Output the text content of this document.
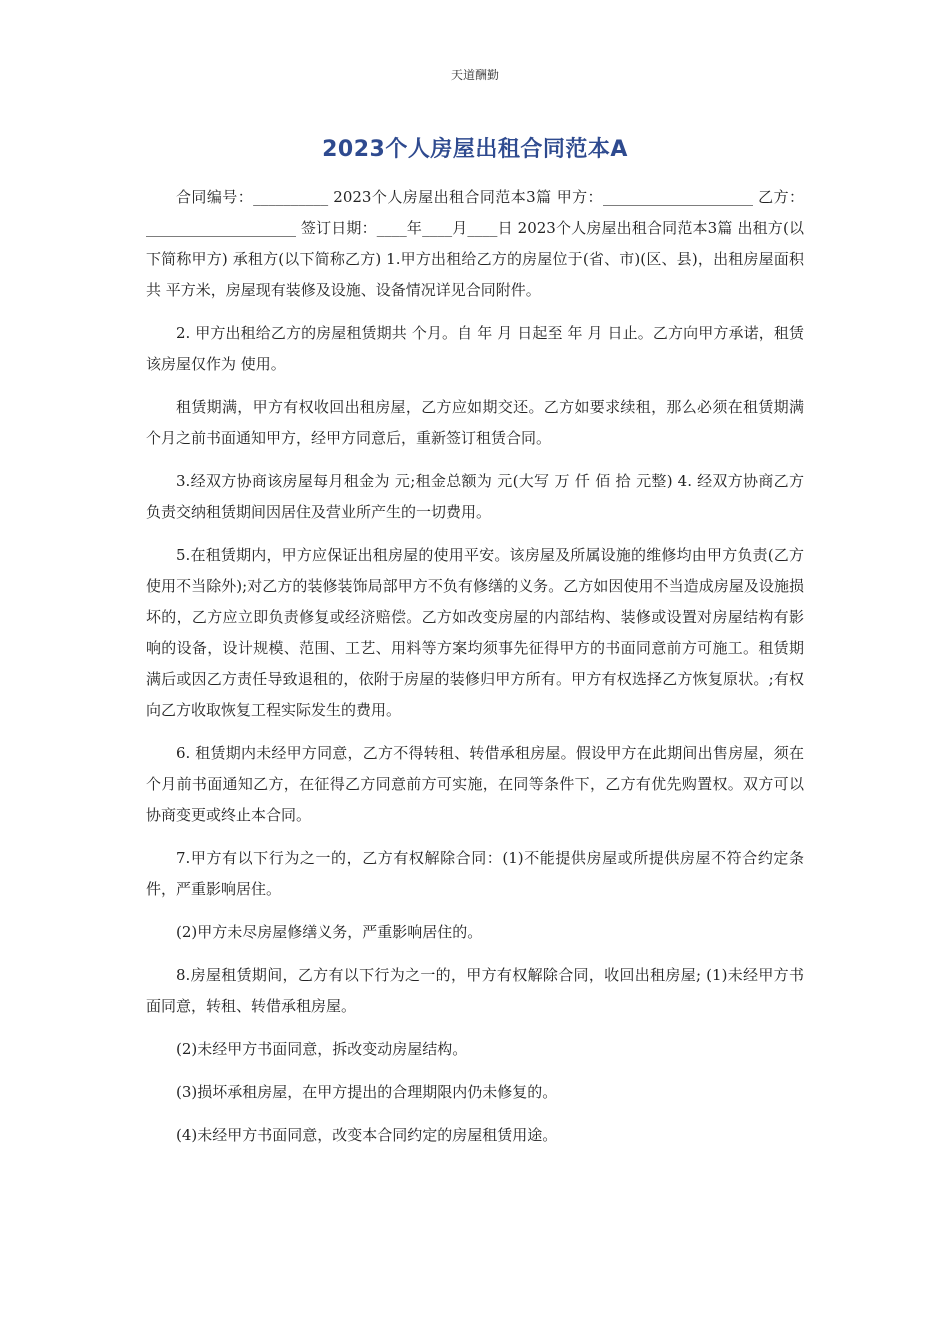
天道酬勤
2023个人房屋出租合同范本A

合同编号：__________ 2023个人房屋出租合同范本3篇 甲方：____________________ 乙方：____________________ 签订日期：____年____月____日 2023个人房屋出租合同范本3篇 出租方(以下简称甲方) 承租方(以下简称乙方) 1.甲方出租给乙方的房屋位于(省、市)(区、县)，出租房屋面积共 平方米，房屋现有装修及设施、设备情况详见合同附件。

2. 甲方出租给乙方的房屋租赁期共 个月。自 年 月 日起至 年 月 日止。乙方向甲方承诺，租赁该房屋仅作为 使用。

租赁期满，甲方有权收回出租房屋，乙方应如期交还。乙方如要求续租，那么必须在租赁期满个月之前书面通知甲方，经甲方同意后，重新签订租赁合同。

3.经双方协商该房屋每月租金为 元;租金总额为 元(大写 万 仟 佰 拾 元整) 4. 经双方协商乙方负责交纳租赁期间因居住及营业所产生的一切费用。

5.在租赁期内，甲方应保证出租房屋的使用平安。该房屋及所属设施的维修均由甲方负责(乙方使用不当除外);对乙方的装修装饰局部甲方不负有修缮的义务。乙方如因使用不当造成房屋及设施损坏的，乙方应立即负责修复或经济赔偿。乙方如改变房屋的内部结构、装修或设置对房屋结构有影响的设备，设计规模、范围、工艺、用料等方案均须事先征得甲方的书面同意前方可施工。租赁期满后或因乙方责任导致退租的，依附于房屋的装修归甲方所有。甲方有权选择乙方恢复原状。;有权向乙方收取恢复工程实际发生的费用。

6. 租赁期内未经甲方同意，乙方不得转租、转借承租房屋。假设甲方在此期间出售房屋，须在 个月前书面通知乙方，在征得乙方同意前方可实施，在同等条件下，乙方有优先购置权。双方可以协商变更或终止本合同。

7.甲方有以下行为之一的，乙方有权解除合同：(1)不能提供房屋或所提供房屋不符合约定条件，严重影响居住。

(2)甲方未尽房屋修缮义务，严重影响居住的。

8.房屋租赁期间，乙方有以下行为之一的，甲方有权解除合同，收回出租房屋; (1)未经甲方书面同意，转租、转借承租房屋。

(2)未经甲方书面同意，拆改变动房屋结构。

(3)损坏承租房屋，在甲方提出的合理期限内仍未修复的。

(4)未经甲方书面同意，改变本合同约定的房屋租赁用途。
